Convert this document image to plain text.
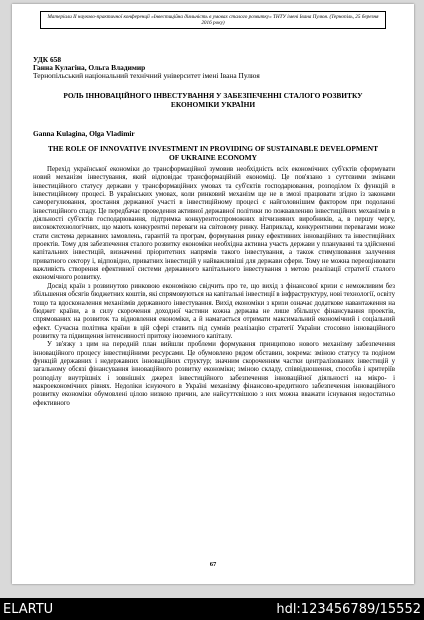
Матеріали ІІ науково-практичної конференції «Інвестиційна діяльність в умовах сталого розвитку» ТНТУ імені Івана Пулюя. (Тернопіль, 25 березня 2016 року)
УДК 658
Ганна Кулагіна, Ольга Владимир
Тернопільський національний технічний університет імені Івана Пулюя
РОЛЬ ІННОВАЦІЙНОГО ІНВЕСТУВАННЯ У ЗАБЕЗПЕЧЕННІ СТАЛОГО РОЗВИТКУ ЕКОНОМІКИ УКРАЇНИ
Ganna Kulagina, Olga Vladimir
THE ROLE OF INNOVATIVE INVESTMENT IN PROVIDING OF SUSTAINABLE DEVELOPMENT OF UKRAINE ECONOMY

Перехід української економіки до трансформаційної зумовив необхідність всіх економічних суб'єктів сформувати новий механізм інвестування, який відповідає трансформаційній економіці. Це пов'язано з суттєвими змінами інвестиційного статусу держави у трансформаційних умовах та суб'єктів господарювання, розподілом їх функцій в інвестиційному процесі. В українських умовах, коли ринковий механізм ще не в змозі працювати згідно із законами саморегулювання, зростання державної участі в інвестиційному процесі є найголовнішим фактором при подоланні інвестиційного спаду. Це передбачає проведення активної державної політики по пожвавленню інвестиційних механізмів в діяльності суб'єктів господарювання, підтримка конкурентоспроможних вітчизняних виробників, а, в першу чергу, висококтехнологічних, що мають конкурентні переваги на світовому ринку. Наприклад, конкурентними перевагами може стати система державних замовлень, гарантій та програм, формування ринку ефективних інноваційних та інвестиційних проектів. Тому для забезпечення сталого розвитку економіки необхідна активна участь держави у плануванні та здійсненні капітальних інвестицій, визначенні пріоритетних напрямів такого інвестування, а також стимулювання залучення приватного сектору і, відповідно, приватних інвестицій у найважливіші для держави сфери. Тому не можна переоцінювати важливість створення ефективної системи державного капітального інвестування з метою реалізації стратегії сталого економічного розвитку.

Досвід країн з розвинутою ринковою економікою свідчить про те, що вихід з фінансової кризи є неможливим без збільшення обсягів бюджетних коштів, які спрямовуються на капітальні інвестиції в інфраструктуру, нові технології, освіту тощо та вдосконалення механізмів державного інвестування. Вихід економіки з кризи означає додаткове навантаження на бюджет країни, а в силу скорочення доходної частини кожна держава не лише збільшує фінансування проектів, спрямованих на розвиток та відновлення економіки, а й намагається отримати максимальний економічний і соціальний ефект. Сучасна політика країни в цій сфері ставить під сумнів реалізацію стратегії України стосовно інноваційного розвитку та підвищення інтенсивності притоку іноземного капіталу.

У зв'язку з цим на передній план вийшли проблеми формування принципово нового механізму забезпечення інноваційного процесу інвестиційними ресурсами. Це обумовлено рядом обставин, зокрема: зміною статусу та подіном функцій державних і недержавних інноваційних структур; значним скороченням частки централізованих інвестицій у загальному обсязі фінансування інноваційного розвитку економіки; зміною складу, співвідношення, способів і критеріїв розподілу внутрішніх і зовнішніх джерел інвестиційного забезпечення інноваційної діяльності на мікро- і макроекономічних рівнях. Недоліки існуючого в Україні механізму фінансово-кредитного забезпечення інноваційного розвитку економіки обумовлені цілою низкою причин, але найсуттєвішою з них можна вважати існування недостатньо ефективного

67
ELARTU	hdl:123456789/15552
